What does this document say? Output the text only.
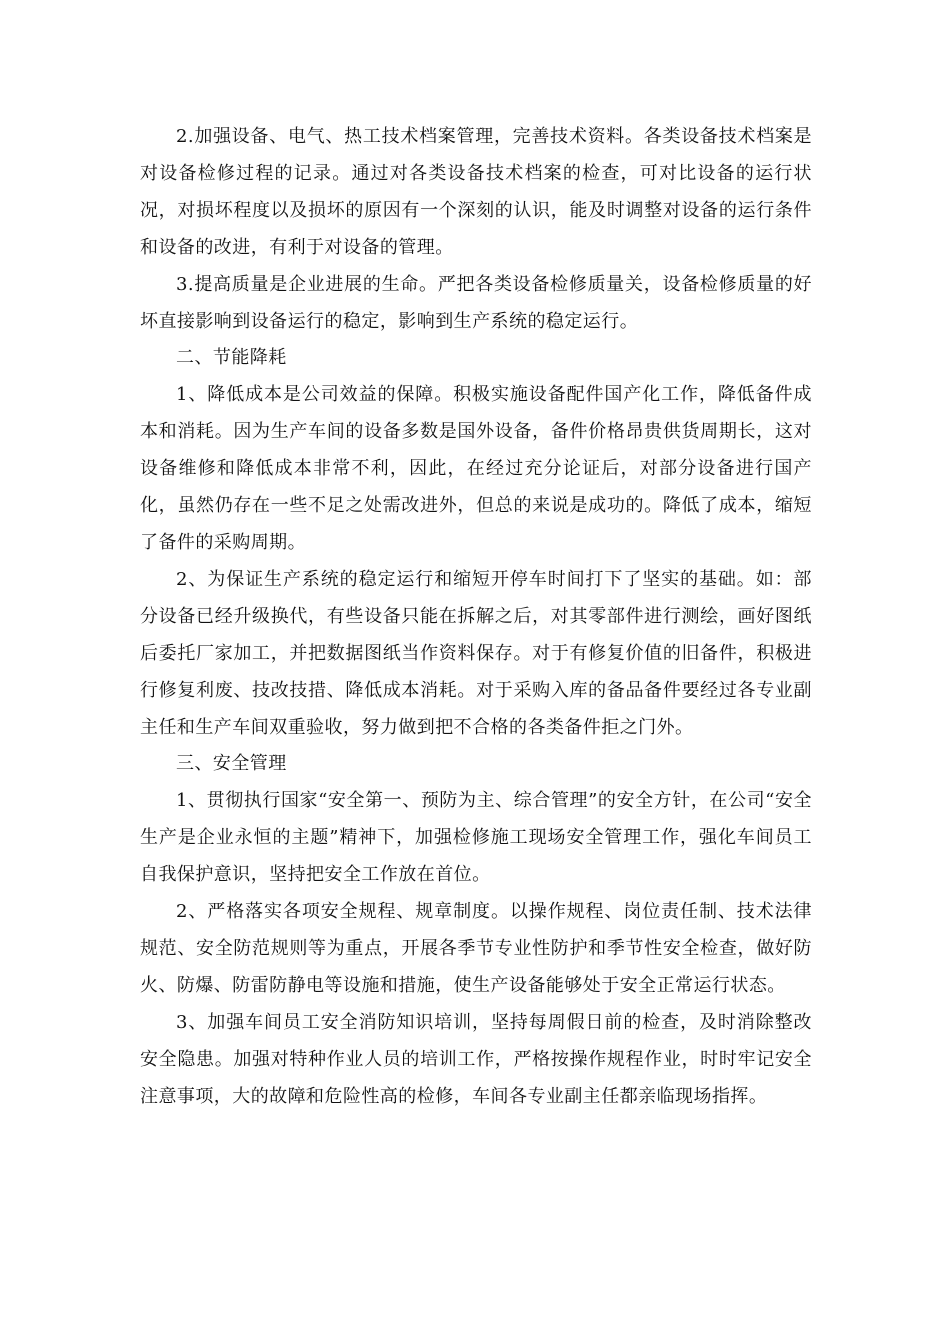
2.加强设备、电气、热工技术档案管理，完善技术资料。各类设备技术档案是对设备检修过程的记录。通过对各类设备技术档案的检查，可对比设备的运行状况，对损坏程度以及损坏的原因有一个深刻的认识，能及时调整对设备的运行条件和设备的改进，有利于对设备的管理。

3.提高质量是企业进展的生命。严把各类设备检修质量关，设备检修质量的好坏直接影响到设备运行的稳定，影响到生产系统的稳定运行。

二、节能降耗

1、降低成本是公司效益的保障。积极实施设备配件国产化工作，降低备件成本和消耗。因为生产车间的设备多数是国外设备，备件价格昂贵供货周期长，这对设备维修和降低成本非常不利，因此，在经过充分论证后，对部分设备进行国产化，虽然仍存在一些不足之处需改进外，但总的来说是成功的。降低了成本，缩短了备件的采购周期。

2、为保证生产系统的稳定运行和缩短开停车时间打下了坚实的基础。如：部分设备已经升级换代，有些设备只能在拆解之后，对其零部件进行测绘，画好图纸后委托厂家加工，并把数据图纸当作资料保存。对于有修复价值的旧备件，积极进行修复利废、技改技措、降低成本消耗。对于采购入库的备品备件要经过各专业副主任和生产车间双重验收，努力做到把不合格的各类备件拒之门外。

三、安全管理

1、贯彻执行国家“安全第一、预防为主、综合管理”的安全方针，在公司“安全生产是企业永恒的主题”精神下，加强检修施工现场安全管理工作，强化车间员工自我保护意识，坚持把安全工作放在首位。

2、严格落实各项安全规程、规章制度。以操作规程、岗位责任制、技术法律规范、安全防范规则等为重点，开展各季节专业性防护和季节性安全检查，做好防火、防爆、防雷防静电等设施和措施，使生产设备能够处于安全正常运行状态。

3、加强车间员工安全消防知识培训，坚持每周假日前的检查，及时消除整改安全隐患。加强对特种作业人员的培训工作，严格按操作规程作业，时时牢记安全注意事项，大的故障和危险性高的检修，车间各专业副主任都亲临现场指挥。
